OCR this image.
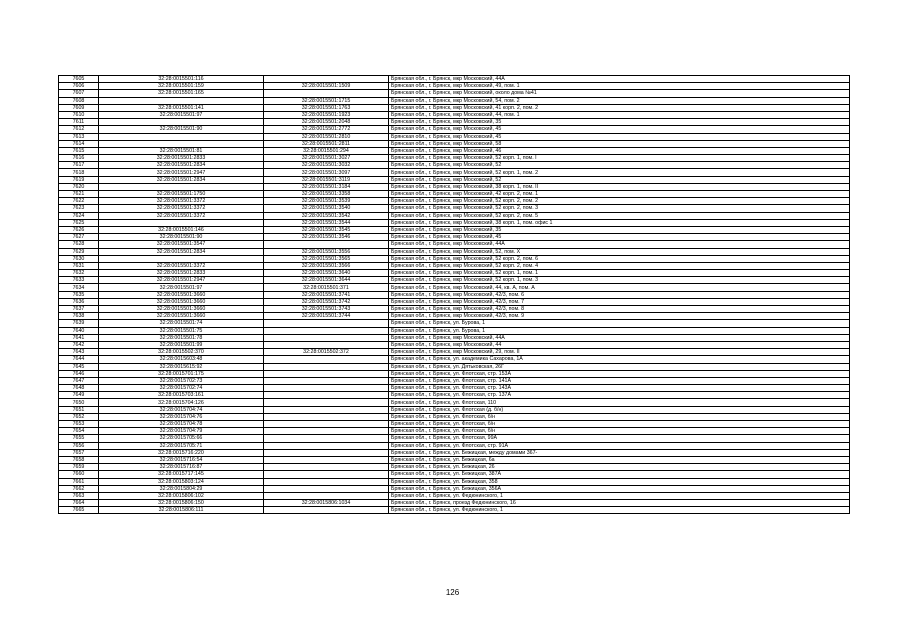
7605	32:28:0015501:116		Брянская обл., г. Брянск, мкр Московский, 44А
7606	32:28:0015501:159	32:28:0015501:1509	Брянская обл., г. Брянск, мкр Московский, 49, пом. 1
7607	32:28:0015501:165		Брянская обл., г. Брянск, мкр Московский, около дома №41
7608		32:28:0015501:1715	Брянская обл., г. Брянск, мкр Московский, 54, пом. 2
7609	32:28:0015501:141	32:28:0015501:1763	Брянская обл., г. Брянск, мкр Московский, 41 корп. 2, пом. 2
7610	32:28:0015501:97	32:28:0015501:1923	Брянская обл., г. Брянск, мкр Московский, 44, пом. 1
7611		32:28:0015501:2048	Брянская обл., г. Брянск, мкр Московский, 35
7612	32:28:0015501:90	32:28:0015501:2772	Брянская обл., г. Брянск, мкр Московский, 45
7613		32:28:0015501:2810	Брянская обл., г. Брянск, мкр Московский, 45
7614		32:28:0015501:2811	Брянская обл., г. Брянск, мкр Московский, 58
7615	32:28:0015501:81	32:28:0015501:294	Брянская обл., г. Брянск, мкр Московский, 46
7616	32:28:0015501:2833	32:28:0015501:3027	Брянская обл., г. Брянск, мкр Московский, 52 корп. 1, пом. I
7617	32:28:0015501:2834	32:28:0015501:3032	Брянская обл., г. Брянск, мкр Московский, 52
7618	32:28:0015501:2947	32:28:0015501:3097	Брянская обл., г. Брянск, мкр Московский, 52 корп. 1, пом. 2
7619	32:28:0015501:2834	32:28:0015501:3119	Брянская обл., г. Брянск, мкр Московский, 52
7620		32:28:0015501:3184	Брянская обл., г. Брянск, мкр Московский, 38 корп. 1, пом. II
7621	32:28:0015501:1750	32:28:0015501:3358	Брянская обл., г. Брянск, мкр Московский, 42 корп. 2, пом. 1
7622	32:28:0015501:3372	32:28:0015501:3539	Брянская обл., г. Брянск, мкр Московский, 52 корп. 2, пом. 2
7623	32:28:0015501:3372	32:28:0015501:3540	Брянская обл., г. Брянск, мкр Московский, 52 корп. 2, пом. 3
7624	32:28:0015501:3372	32:28:0015501:3542	Брянская обл., г. Брянск, мкр Московский, 52 корп. 2, пом. 5
7625		32:28:0015501:3544	Брянская обл., г. Брянск, мкр Московский, 38 корп. 1, пом. офис 1
7626	32:28:0015501:146	32:28:0015501:3545	Брянская обл., г. Брянск, мкр Московский, 35
7627	32:28:0015501:90	32:28:0015501:3546	Брянская обл., г. Брянск, мкр Московский, 45
7628	32:28:0015501:3547		Брянская обл., г. Брянск, мкр Московский, 44А
7629	32:28:0015501:2834	32:28:0015501:3556	Брянская обл., г. Брянск, мкр Московский, 52, пом. Х
7630		32:28:0015501:3565	Брянская обл., г. Брянск, мкр Московский, 52 корп. 2, пом. 6
7631	32:28:0015501:3372	32:28:0015501:3566	Брянская обл., г. Брянск, мкр Московский, 52 корп. 2, пом. 4
7632	32:28:0015501:2833	32:28:0015501:3640	Брянская обл., г. Брянск, мкр Московский, 52 корп. 1, пом. 1
7633	32:28:0015501:2947	32:28:0015501:3644	Брянская обл., г. Брянск, мкр Московский, 52 корп. 1, пом. 3
7634	32:28:0015501:97	32:28:0015501:371	Брянская обл., г. Брянск, мкр Московский, 44, кв. А, пом. А
7635	32:28:0015501:3660	32:28:0015501:3741	Брянская обл., г. Брянск, мкр Московский, 42/3, пом. 6
7636	32:28:0015501:3660	32:28:0015501:3742	Брянская обл., г. Брянск, мкр Московский, 42/3, пом. 7
7637	32:28:0015501:3660	32:28:0015501:3743	Брянская обл., г. Брянск, мкр Московский, 42/3, пом. 8
7638	32:28:0015501:3660	32:28:0015501:3744	Брянская обл., г. Брянск, мкр Московский, 42/3, пом. 9
7639	32:28:0015501:74		Брянская обл., г. Брянск, ул. Бурова, 1
7640	32:28:0015501:75		Брянская обл., г. Брянск, ул. Бурова, 1
7641	32:28:0015501:78		Брянская обл., г. Брянск, мкр Московский, 44А
7642	32:28:0015501:99		Брянская обл., г. Брянск, мкр Московский, 44
7643	32:28:0015502:370	32:28:0015502:372	Брянская обл., г. Брянск, мкр Московский, 29, пом. II
7644	32:28:0015603:48		Брянская обл., г. Брянск, ул. академика Сахарова, 1А
7645	32:28:0015615:92		Брянская обл., г. Брянск, ул. Дятьковская, 26Г
7646	32:28:0015701:175		Брянская обл., г. Брянск, ул. Флотская, стр. 153А
7647	32:28:0015702:73		Брянская обл., г. Брянск, ул. Флотская, стр. 141А
7648	32:28:0015702:74		Брянская обл., г. Брянск, ул. Флотская, стр. 143А
7649	32:28:0015703:161		Брянская обл., г. Брянск, ул. Флотская, стр. 137А
7650	32:28:0015704:126		Брянская обл., г. Брянск, ул. Флотская, 110
7651	32:28:0015704:74		Брянская обл., г. Брянск, ул. Флотская (д. б/н)
7652	32:28:0015704:76		Брянская обл., г. Брянск, ул. Флотская, б/н
7653	32:28:0015704:78		Брянская обл., г. Брянск, ул. Флотская, б/н
7654	32:28:0015704:79		Брянская обл., г. Брянск, ул. Флотская, б/н
7655	32:28:0015705:66		Брянская обл., г. Брянск, ул. Флотская, 99А
7656	32:28:0015705:71		Брянская обл., г. Брянск, ул. Флотская, стр. 91А
7657	32:28:0015716:220		Брянская обл., г. Брянск, ул. Бежицкая, между домами 367-
7658	32:28:0015716:54		Брянская обл., г. Брянск, ул. Бежицкая, 6а
7659	32:28:0015716:87		Брянская обл., г. Брянск, ул. Бежицкая, 26
7660	32:28:0015717:145		Брянская обл., г. Брянск, ул. Бежицкая, 387А
7661	32:28:0015803:124		Брянская обл., г. Брянск, ул. Бежицкая, 358
7662	32:28:0015804:29		Брянская обл., г. Брянск, ул. Бежицкая, 356А
7663	32:28:0015806:102		Брянская обл., г. Брянск, ул. Федюнинского, 1
7664	32:28:0015806:150	32:28:0015806:1034	Брянская обл., г. Брянск, проезд Федюнинского, 16
7665	32:28:0015806:111		Брянская обл., г. Брянск, ул. Федюнинского, 1
126
